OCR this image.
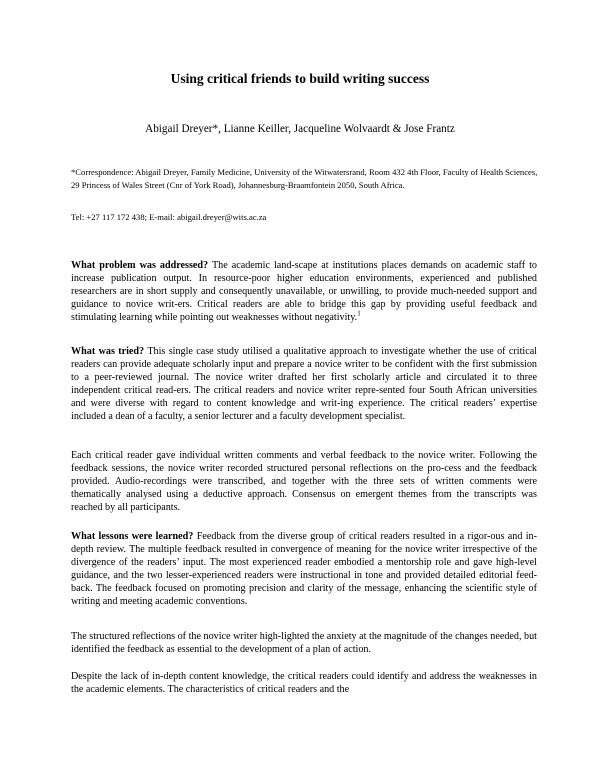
Using critical friends to build writing success
Abigail Dreyer*, Lianne Keiller, Jacqueline Wolvaardt & Jose Frantz
*Correspondence: Abigail Dreyer, Family Medicine, University of the Witwatersrand, Room 432 4th Floor, Faculty of Health Sciences, 29 Princess of Wales Street (Cnr of York Road), Johannesburg-Braamfontein 2050, South Africa.
Tel: +27 117 172 438; E-mail: abigail.dreyer@wits.ac.za

What problem was addressed? The academic land-scape at institutions places demands on academic staff to increase publication output. In resource-poor higher education environments, experienced and published researchers are in short supply and consequently unavailable, or unwilling, to provide much-needed support and guidance to novice writ-ers. Critical readers are able to bridge this gap by providing useful feedback and stimulating learning while pointing out weaknesses without negativity.$^1$

What was tried? This single case study utilised a qualitative approach to investigate whether the use of critical readers can provide adequate scholarly input and prepare a novice writer to be confident with the first submission to a peer-reviewed journal. The novice writer drafted her first scholarly article and circulated it to three independent critical read-ers. The critical readers and novice writer repre-sented four South African universities and were diverse with regard to content knowledge and writ-ing experience. The critical readers’ expertise included a dean of a faculty, a senior lecturer and a faculty development specialist.

Each critical reader gave individual written comments and verbal feedback to the novice writer. Following the feedback sessions, the novice writer recorded structured personal reflections on the pro-cess and the feedback provided. Audio-recordings were transcribed, and together with the three sets of written comments were thematically analysed using a deductive approach. Consensus on emergent themes from the transcripts was reached by all participants.

What lessons were learned? Feedback from the diverse group of critical readers resulted in a rigor-ous and in-depth review. The multiple feedback resulted in convergence of meaning for the novice writer irrespective of the divergence of the readers’ input. The most experienced reader embodied a mentorship role and gave high-level guidance, and the two lesser-experienced readers were instructional in tone and provided detailed editorial feed-back. The feedback focused on promoting precision and clarity of the message, enhancing the scientific style of writing and meeting academic conventions.

The structured reflections of the novice writer high-lighted the anxiety at the magnitude of the changes needed, but identified the feedback as essential to the development of a plan of action.

Despite the lack of in-depth content knowledge, the critical readers could identify and address the weaknesses in the academic elements. The characteristics of critical readers and the
